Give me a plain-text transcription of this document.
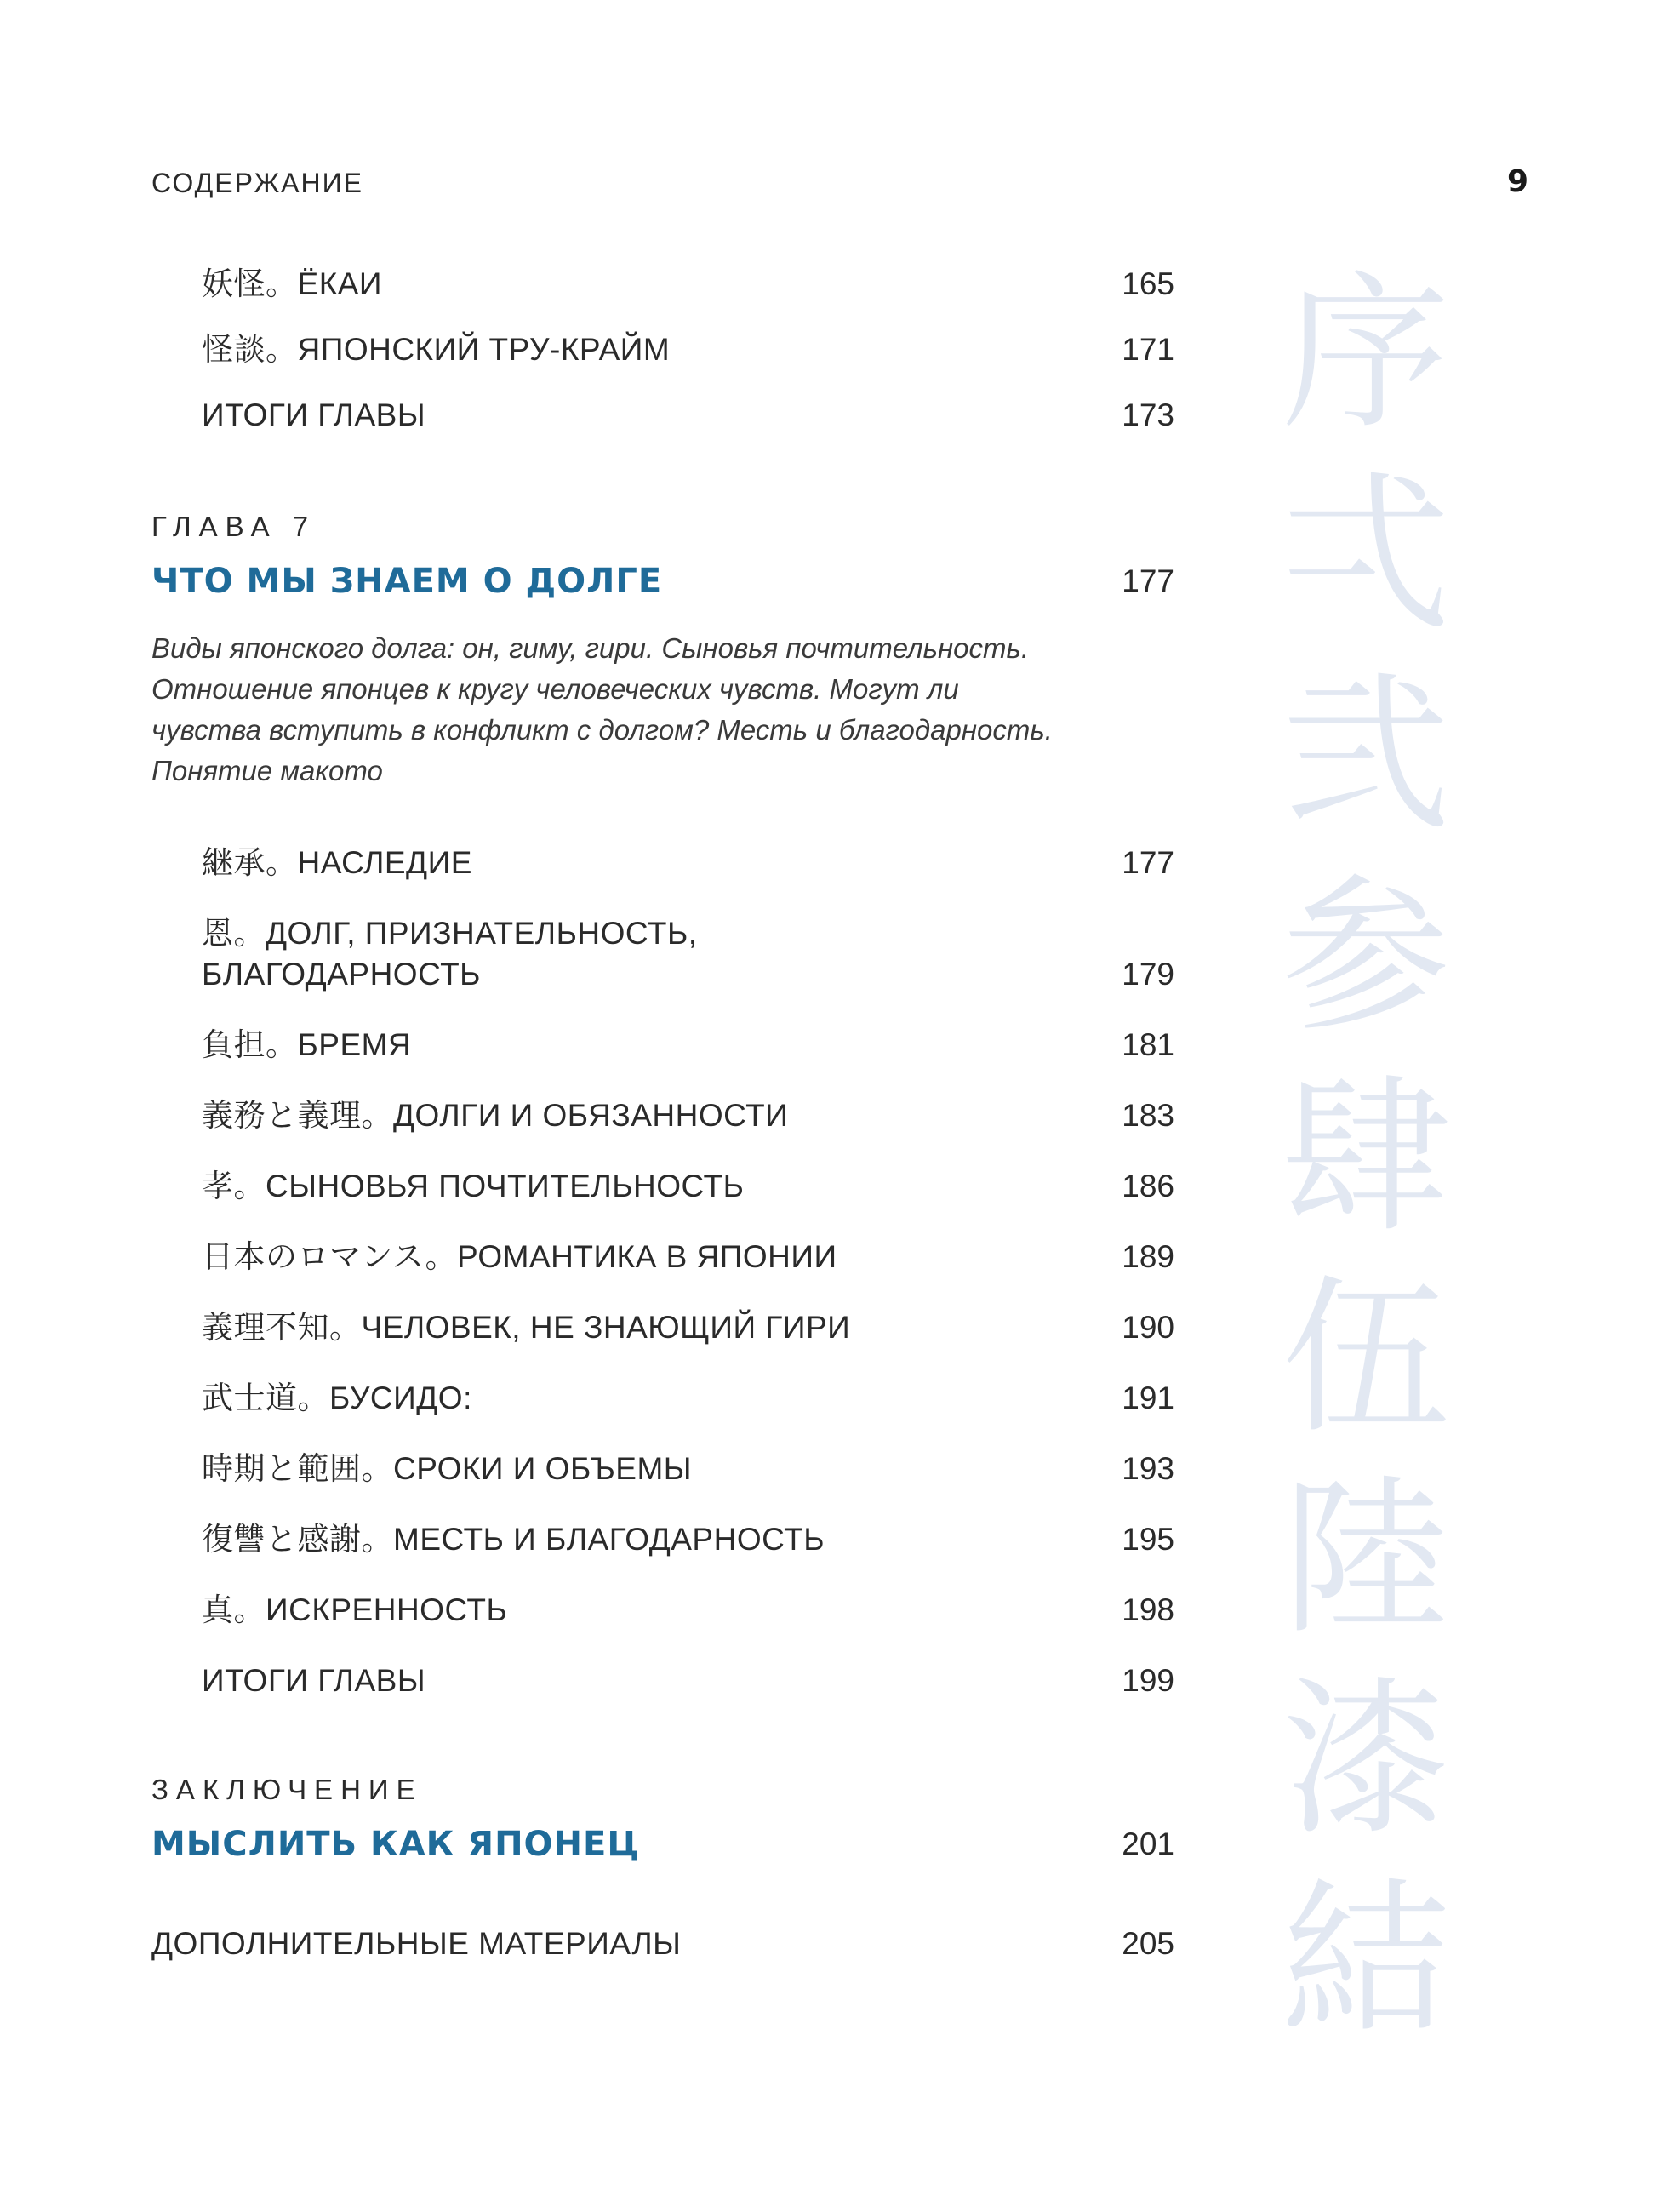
СОДЕРЖАНИЕ	9
序
弌
弐
参
肆
伍
陸
漆
結
妖怪。ЁКАИ	165
怪談。ЯПОНСКИЙ ТРУ-КРАЙМ	171
ИТОГИ ГЛАВЫ	173
ГЛАВА 7
ЧТО МЫ ЗНАЕМ О ДОЛГЕ	177
Виды японского долга: он, гиму, гири. Сыновья почтительность.
Отношение японцев к кругу человеческих чувств. Могут ли
чувства вступить в конфликт с долгом? Месть и благодарность.
Понятие макото
継承。НАСЛЕДИЕ	177
恩。ДОЛГ, ПРИЗНАТЕЛЬНОСТЬ,
БЛАГОДАРНОСТЬ	179
負担。БРЕМЯ	181
義務と義理。ДОЛГИ И ОБЯЗАННОСТИ	183
孝。СЫНОВЬЯ ПОЧТИТЕЛЬНОСТЬ	186
日本のロマンス。РОМАНТИКА В ЯПОНИИ	189
義理不知。ЧЕЛОВЕК, НЕ ЗНАЮЩИЙ ГИРИ	190
武士道。БУСИДО:	191
時期と範囲。СРОКИ И ОБЪЕМЫ	193
復讐と感謝。МЕСТЬ И БЛАГОДАРНОСТЬ	195
真。ИСКРЕННОСТЬ	198
ИТОГИ ГЛАВЫ	199
ЗАКЛЮЧЕНИЕ
МЫСЛИТЬ КАК ЯПОНЕЦ	201
ДОПОЛНИТЕЛЬНЫЕ МАТЕРИАЛЫ	205
